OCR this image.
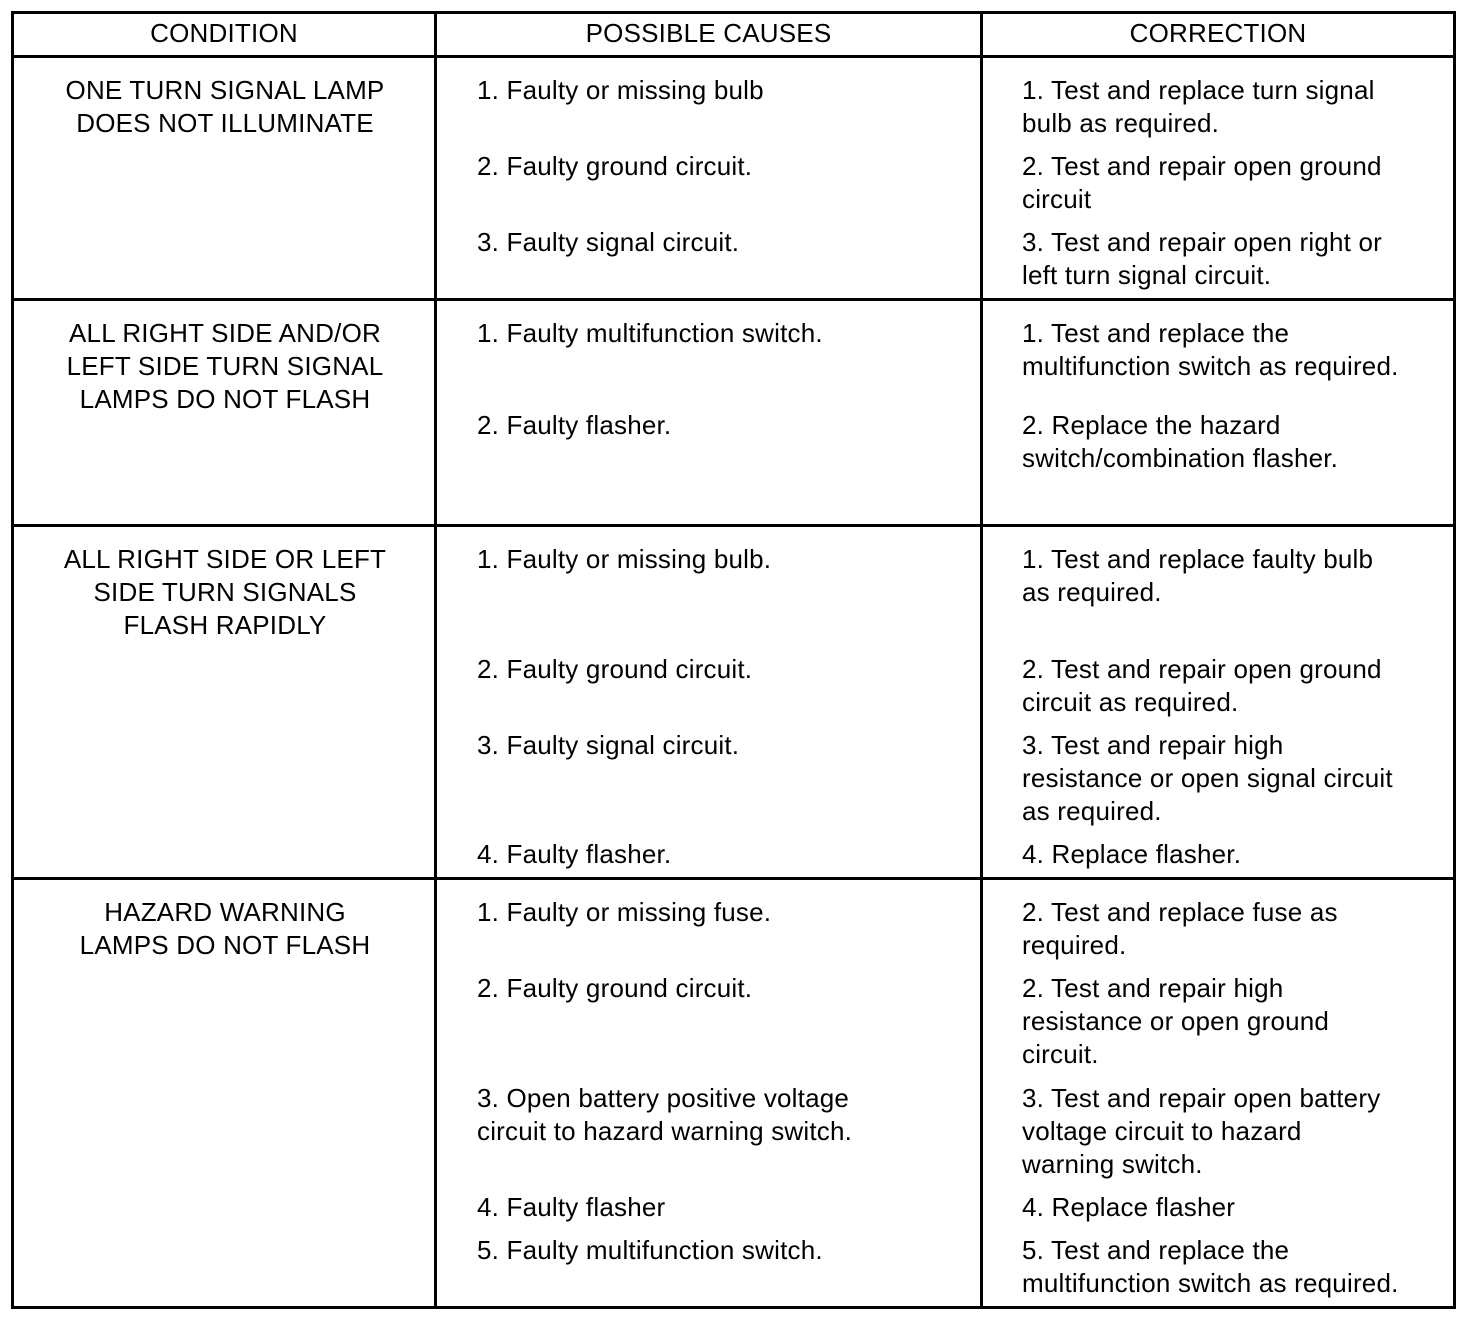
CONDITION	POSSIBLE CAUSES	CORRECTION
ONE TURN SIGNAL LAMP
DOES NOT ILLUMINATE
1. Faulty or missing bulb
2. Faulty ground circuit.
3. Faulty signal circuit.
1. Test and replace turn signal
bulb as required.
2. Test and repair open ground
circuit
3. Test and repair open right or
left turn signal circuit.
ALL RIGHT SIDE AND/OR
LEFT SIDE TURN SIGNAL
LAMPS DO NOT FLASH
1. Faulty multifunction switch.
2. Faulty flasher.
1. Test and replace the
multifunction switch as required.
2. Replace the hazard
switch/combination flasher.
ALL RIGHT SIDE OR LEFT
SIDE TURN SIGNALS
FLASH RAPIDLY
1. Faulty or missing bulb.
2. Faulty ground circuit.
3. Faulty signal circuit.
4. Faulty flasher.
1. Test and replace faulty bulb
as required.
2. Test and repair open ground
circuit as required.
3. Test and repair high
resistance or open signal circuit
as required.
4. Replace flasher.
HAZARD WARNING
LAMPS DO NOT FLASH
1. Faulty or missing fuse.
2. Faulty ground circuit.
3. Open battery positive voltage
circuit to hazard warning switch.
4. Faulty flasher
5. Faulty multifunction switch.
2. Test and replace fuse as
required.
2. Test and repair high
resistance or open ground
circuit.
3. Test and repair open battery
voltage circuit to hazard
warning switch.
4. Replace flasher
5. Test and replace the
multifunction switch as required.
